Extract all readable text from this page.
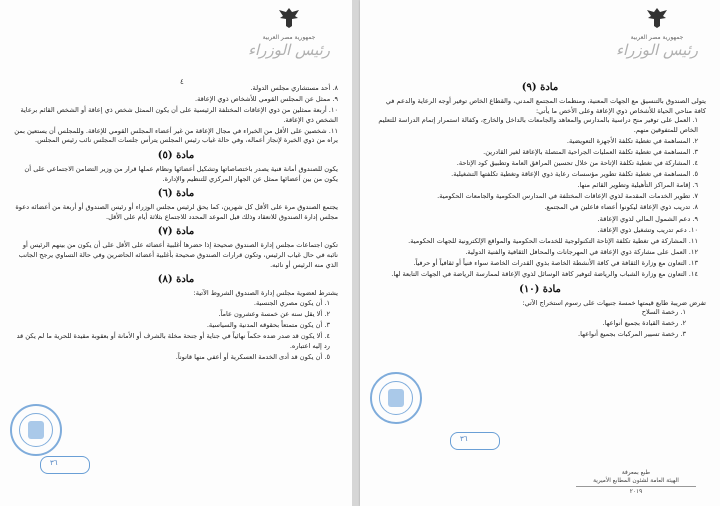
جمهورية مصر العربية
رئيس الوزراء
٤

٨. أحد مستشاري مجلس الدولة.

٩. ممثل عن المجلس القومي للأشخاص ذوي الإعاقة.

١٠. أربعة ممثلين من ذوي الإعاقات المختلفة الرئيسية على أن يكون الممثل شخص ذي إعاقة أو الشخص القائم برعاية الشخص ذي الإعاقة.

١١. شخصين على الأقل من الخبراء في مجال الإعاقة من غير أعضاء المجلس القومي للإعاقة. وللمجلس أن يستعين بمن يراه من ذوي الخبرة لإنجاز أعماله، وفي حالة غياب رئيس المجلس يترأس جلسات المجلس نائب رئيس المجلس.

مادة (٥)

يكون للصندوق أمانة فنية يصدر باختصاصاتها وتشكيل أعضائها ونظام عملها قرار من وزير التضامن الاجتماعي على أن يكون من بين أعضائها ممثل عن الجهاز المركزي للتنظيم والإدارة.

مادة (٦)

يجتمع الصندوق مرة على الأقل كل شهرين، كما يحق لرئيس مجلس الوزراء أو رئيس الصندوق أو أربعة من أعضائه دعوة مجلس إدارة الصندوق للانعقاد وذلك قبل الموعد المحدد للاجتماع بثلاثة أيام على الأقل.

مادة (٧)

تكون اجتماعات مجلس إدارة الصندوق صحيحة إذا حضرها أغلبية أعضائه على الأقل على أن يكون من بينهم الرئيس أو نائبه في حال غياب الرئيس، وتكون قرارات الصندوق صحيحة بأغلبية أعضائه الحاضرين وفي حالة التساوي يرجح الجانب الذي منه الرئيس أو نائبه.

مادة (٨)

يشترط لعضوية مجلس إدارة الصندوق الشروط الآتية:

١. أن يكون مصري الجنسية.

٢. ألا يقل سنه عن خمسة وعشرون عاماً.

٣. أن يكون متمتعاً بحقوقه المدنية والسياسية.

٤. ألا يكون قد صدر ضده حكماً نهائياً في جناية أو جنحة مخلة بالشرف أو الأمانة أو بعقوبة مقيدة للحرية ما لم يكن قد رد إليه اعتباره.

٥. أن يكون قد أدى الخدمة العسكرية أو أعفي منها قانوناً.

٣٦
جمهورية مصر العربية
رئيس الوزراء
مادة (٩)

يتولى الصندوق بالتنسيق مع الجهات المعنية، ومنظمات المجتمع المدني، والقطاع الخاص توفير أوجه الرعاية والدعم في كافة مناحي الحياة للأشخاص ذوي الإعاقة وعلى الأخص ما يأتي:

١. العمل على توفير منح دراسية بالمدارس والمعاهد والجامعات بالداخل والخارج، وكفالة استمرار إتمام الدراسة للتعليم الخاص للمتفوقين منهم.

٢. المساهمة في تغطية تكلفة الأجهزة التعويضية.

٣. المساهمة في تغطية تكلفة العمليات الجراحية المتصلة بالإعاقة لغير القادرين.

٤. المشاركة في تغطية تكلفة الإتاحة من خلال تحسين المرافق العامة وتطبيق كود الإتاحة.

٥. المساهمة في تغطية تكلفة تطوير مؤسسات رعاية ذوي الإعاقة وتغطية تكلفتها التشغيلية.

٦. إقامة المراكز التأهيلية وتطوير القائم منها.

٧. تطوير الخدمات المقدمة لذوي الإعاقات المختلفة في المدارس الحكومية والجامعات الحكومية.

٨. تدريب ذوي الإعاقة ليكونوا أعضاء فاعلين في المجتمع.

٩. دعم الشمول المالي لذوي الإعاقة.

١٠. دعم تدريب وتشغيل ذوي الإعاقة.

١١. المشاركة في تغطية تكلفة الإتاحة التكنولوجية للخدمات الحكومية والمواقع الإلكترونية للجهات الحكومية.

١٢. العمل على مشاركة ذوي الإعاقة في المهرجانات والمحافل الثقافية والفنية الدولية.

١٣. التعاون مع وزارة الثقافة في كافة الأنشطة الخاصة بذوي القدرات الخاصة سواء فنياً أو ثقافياً أو حرفياً.

١٤. التعاون مع وزارة الشباب والرياضة لتوفير كافة الوسائل لذوي الإعاقة لممارسة الرياضة في الجهات التابعة لها.

مادة (١٠)

تفرض ضريبة طابع قيمتها خمسة جنيهات على رسوم استخراج الآتي:

١. رخصة السلاح

٢. رخصة القيادة بجميع أنواعها.

٣. رخصة تسيير المركبات بجميع أنواعها.

٣٦
طبع بمعرفة
الهيئة العامة لشئون المطابع الأميرية
٢٠١٩
